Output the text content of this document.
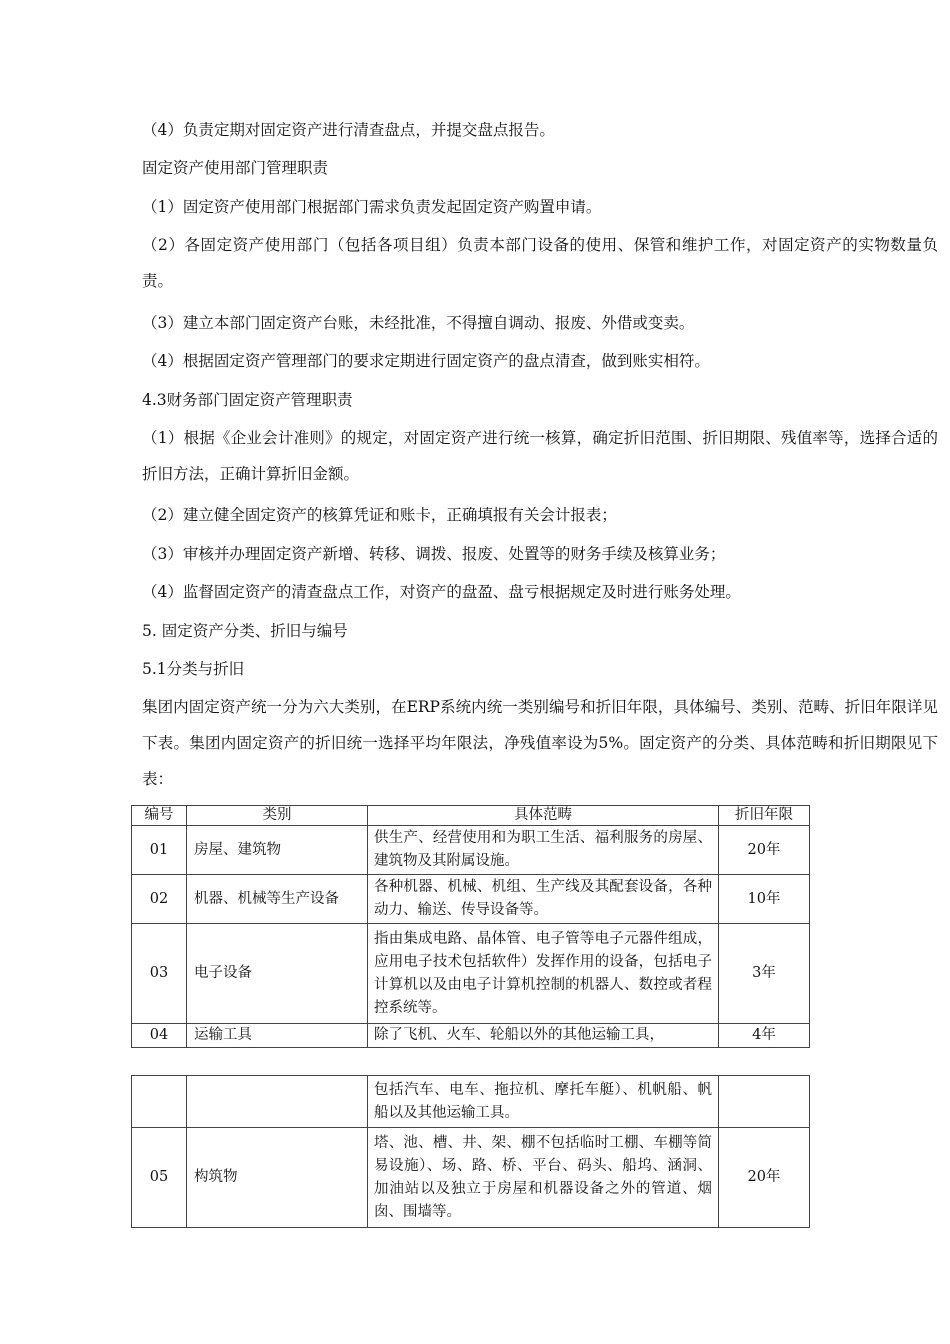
（4）负责定期对固定资产进行清查盘点，并提交盘点报告。

固定资产使用部门管理职责

（1）固定资产使用部门根据部门需求负责发起固定资产购置申请。

（2）各固定资产使用部门（包括各项目组）负责本部门设备的使用、保管和维护工作，对固定资产的实物数量负责。

（3）建立本部门固定资产台账，未经批准，不得擅自调动、报废、外借或变卖。

（4）根据固定资产管理部门的要求定期进行固定资产的盘点清查，做到账实相符。

4.3财务部门固定资产管理职责

（1）根据《企业会计准则》的规定，对固定资产进行统一核算，确定折旧范围、折旧期限、残值率等，选择合适的折旧方法，正确计算折旧金额。

（2）建立健全固定资产的核算凭证和账卡，正确填报有关会计报表；

（3）审核并办理固定资产新增、转移、调拨、报废、处置等的财务手续及核算业务；

（4）监督固定资产的清查盘点工作，对资产的盘盈、盘亏根据规定及时进行账务处理。

5. 固定资产分类、折旧与编号

5.1分类与折旧

集团内固定资产统一分为六大类别，在ERP系统内统一类别编号和折旧年限，具体编号、类别、范畴、折旧年限详见下表。集团内固定资产的折旧统一选择平均年限法，净残值率设为5%。固定资产的分类、具体范畴和折旧期限见下表：

编号	类别	具体范畴	折旧年限
01	房屋、建筑物	供生产、经营使用和为职工生活、福利服务的房屋、建筑物及其附属设施。	20年
02	机器、机械等生产设备	各种机器、机械、机组、生产线及其配套设备，各种动力、输送、传导设备等。	10年
03	电子设备	指由集成电路、晶体管、电子管等电子元器件组成，应用电子技术包括软件）发挥作用的设备，包括电子计算机以及由电子计算机控制的机器人、数控或者程控系统等。	3年
04	运输工具	除了飞机、火车、轮船以外的其他运输工具，	4年
		包括汽车、电车、拖拉机、摩托车艇）、机帆船、帆船以及其他运输工具。	
05	构筑物	塔、池、槽、井、架、棚不包括临时工棚、车棚等简易设施）、场、路、桥、平台、码头、船坞、涵洞、加油站以及独立于房屋和机器设备之外的管道、烟囱、围墙等。	20年
